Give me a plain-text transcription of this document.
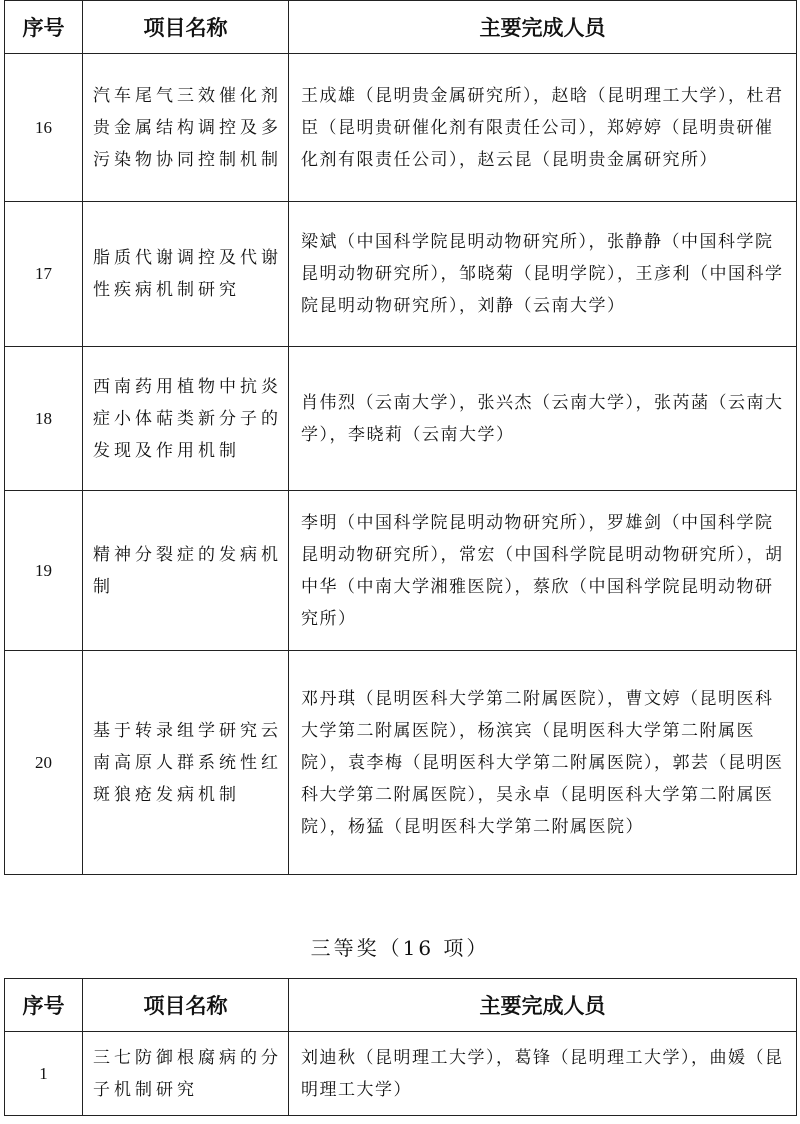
序号	项目名称	主要完成人员
16	汽车尾气三效催化剂贵金属结构调控及多污染物协同控制机制	王成雄（昆明贵金属研究所），赵晗（昆明理工大学），杜君臣（昆明贵研催化剂有限责任公司），郑婷婷（昆明贵研催化剂有限责任公司），赵云昆（昆明贵金属研究所）
17	脂质代谢调控及代谢性疾病机制研究	梁斌（中国科学院昆明动物研究所），张静静（中国科学院昆明动物研究所），邹晓菊（昆明学院），王彦利（中国科学院昆明动物研究所），刘静（云南大学）
18	西南药用植物中抗炎症小体萜类新分子的发现及作用机制	肖伟烈（云南大学），张兴杰（云南大学），张芮菡（云南大学），李晓莉（云南大学）
19	精神分裂症的发病机制	李明（中国科学院昆明动物研究所），罗雄剑（中国科学院昆明动物研究所），常宏（中国科学院昆明动物研究所），胡中华（中南大学湘雅医院），蔡欣（中国科学院昆明动物研究所）
20	基于转录组学研究云南高原人群系统性红斑狼疮发病机制	邓丹琪（昆明医科大学第二附属医院），曹文婷（昆明医科大学第二附属医院），杨滨宾（昆明医科大学第二附属医院），袁李梅（昆明医科大学第二附属医院），郭芸（昆明医科大学第二附属医院），吴永卓（昆明医科大学第二附属医院），杨猛（昆明医科大学第二附属医院）
三等奖（16 项）
序号	项目名称	主要完成人员
1	三七防御根腐病的分子机制研究	刘迪秋（昆明理工大学），葛锋（昆明理工大学），曲媛（昆明理工大学）
